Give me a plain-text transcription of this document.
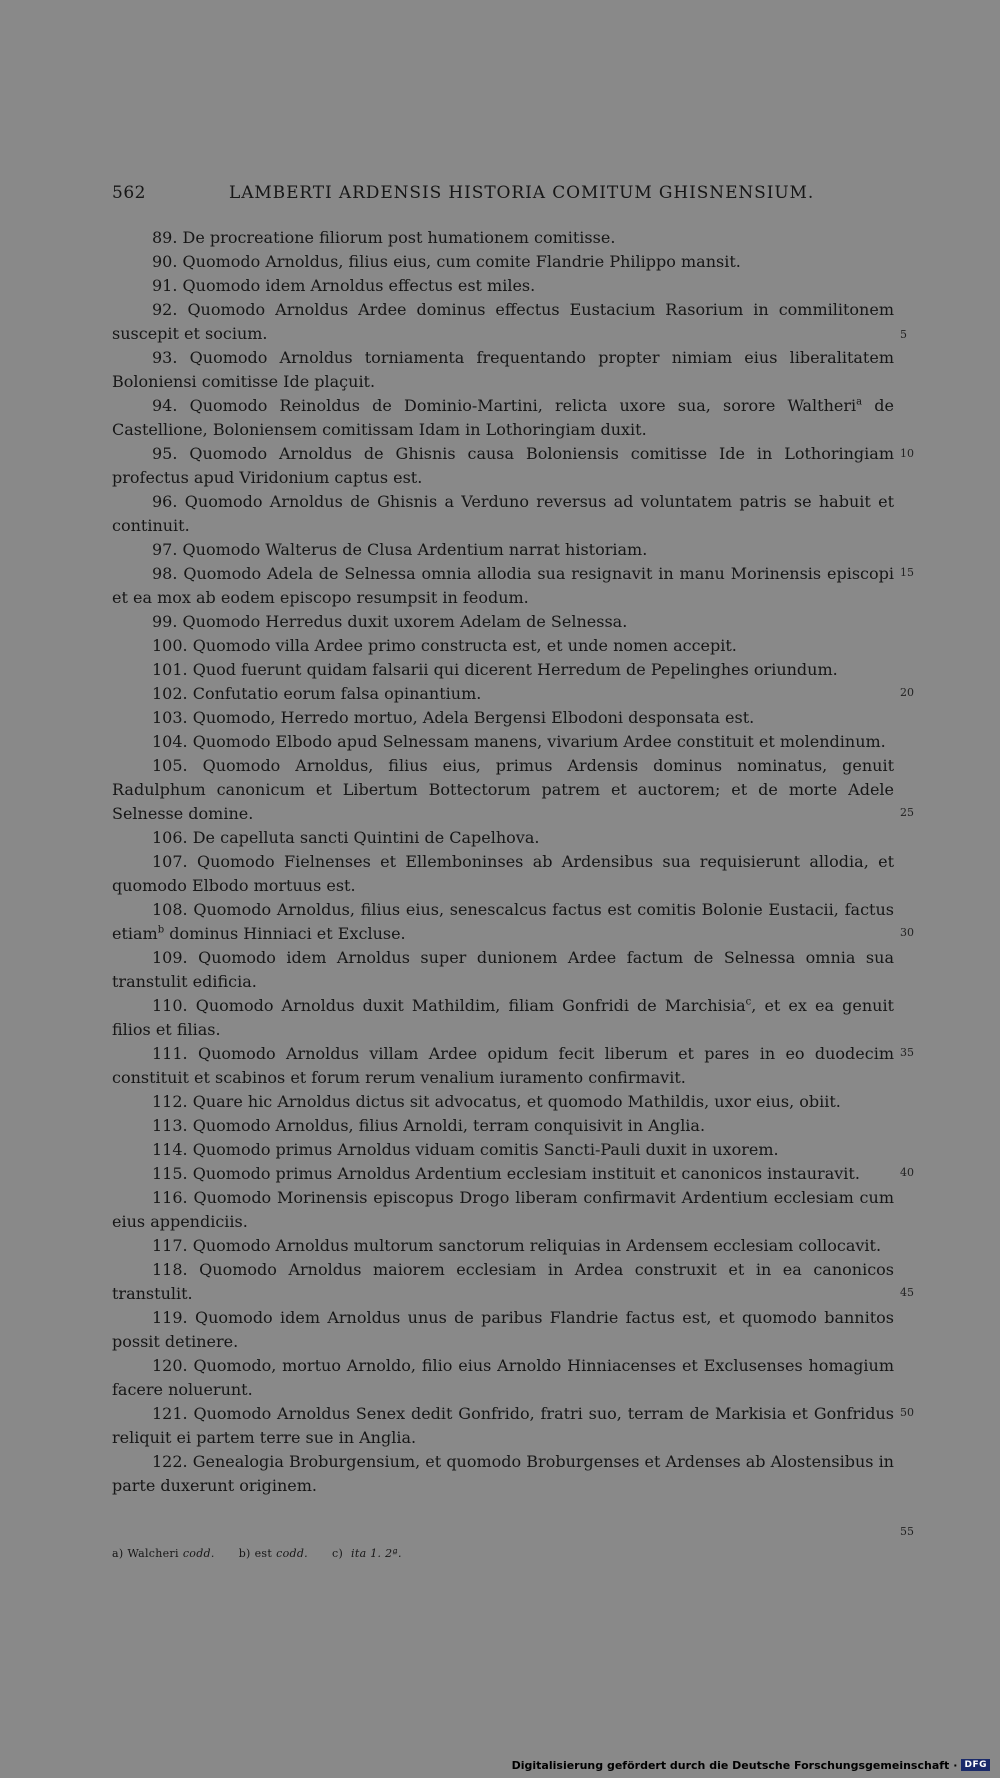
562	LAMBERTI ARDENSIS HISTORIA COMITUM GHISNENSIUM.

89. De procreatione filiorum post humationem comitisse.

90. Quomodo Arnoldus, filius eius, cum comite Flandrie Philippo mansit.

91. Quomodo idem Arnoldus effectus est miles.

92. Quomodo Arnoldus Ardee dominus effectus Eustacium Rasorium in commilitonem suscepit et socium.

93. Quomodo Arnoldus torniamenta frequentando propter nimiam eius liberalitatem Boloniensi comitisse Ide plaçuit.

94. Quomodo Reinoldus de Dominio-Martini, relicta uxore sua, sorore Waltheri$^a$ de Castellione, Boloniensem comitissam Idam in Lothoringiam duxit.

95. Quomodo Arnoldus de Ghisnis causa Boloniensis comitisse Ide in Lothoringiam profectus apud Viridonium captus est.

96. Quomodo Arnoldus de Ghisnis a Verduno reversus ad voluntatem patris se habuit et continuit.

97. Quomodo Walterus de Clusa Ardentium narrat historiam.

98. Quomodo Adela de Selnessa omnia allodia sua resignavit in manu Morinensis episcopi et ea mox ab eodem episcopo resumpsit in feodum.

99. Quomodo Herredus duxit uxorem Adelam de Selnessa.

100. Quomodo villa Ardee primo constructa est, et unde nomen accepit.

101. Quod fuerunt quidam falsarii qui dicerent Herredum de Pepelinghes oriundum.

102. Confutatio eorum falsa opinantium.

103. Quomodo, Herredo mortuo, Adela Bergensi Elbodoni desponsata est.

104. Quomodo Elbodo apud Selnessam manens, vivarium Ardee constituit et molendinum.

105. Quomodo Arnoldus, filius eius, primus Ardensis dominus nominatus, genuit Radulphum canonicum et Libertum Bottectorum patrem et auctorem; et de morte Adele Selnesse domine.

106. De capelluta sancti Quintini de Capelhova.

107. Quomodo Fielnenses et Ellemboninses ab Ardensibus sua requisierunt allodia, et quomodo Elbodo mortuus est.

108. Quomodo Arnoldus, filius eius, senescalcus factus est comitis Bolonie Eustacii, factus etiam$^b$ dominus Hinniaci et Excluse.

109. Quomodo idem Arnoldus super dunionem Ardee factum de Selnessa omnia sua transtulit edificia.

110. Quomodo Arnoldus duxit Mathildim, filiam Gonfridi de Marchisia$^c$, et ex ea genuit filios et filias.

111. Quomodo Arnoldus villam Ardee opidum fecit liberum et pares in eo duodecim constituit et scabinos et forum rerum venalium iuramento confirmavit.

112. Quare hic Arnoldus dictus sit advocatus, et quomodo Mathildis, uxor eius, obiit.

113. Quomodo Arnoldus, filius Arnoldi, terram conquisivit in Anglia.

114. Quomodo primus Arnoldus viduam comitis Sancti-Pauli duxit in uxorem.

115. Quomodo primus Arnoldus Ardentium ecclesiam instituit et canonicos instauravit.

116. Quomodo Morinensis episcopus Drogo liberam confirmavit Ardentium ecclesiam cum eius appendiciis.

117. Quomodo Arnoldus multorum sanctorum reliquias in Ardensem ecclesiam collocavit.

118. Quomodo Arnoldus maiorem ecclesiam in Ardea construxit et in ea canonicos transtulit.

119. Quomodo idem Arnoldus unus de paribus Flandrie factus est, et quomodo bannitos possit detinere.

120. Quomodo, mortuo Arnoldo, filio eius Arnoldo Hinniacenses et Exclusenses homagium facere noluerunt.

121. Quomodo Arnoldus Senex dedit Gonfrido, fratri suo, terram de Markisia et Gonfridus reliquit ei partem terre sue in Anglia.

122. Genealogia Broburgensium, et quomodo Broburgenses et Ardenses ab Alostensibus in parte duxerunt originem.

5
10
15
20
25
30
35
40
45
50
55
a) Walcheri codd. b) est codd. c) ita 1. 2ª.
Digitalisierung gefördert durch die Deutsche Forschungsgemeinschaft · DFG
